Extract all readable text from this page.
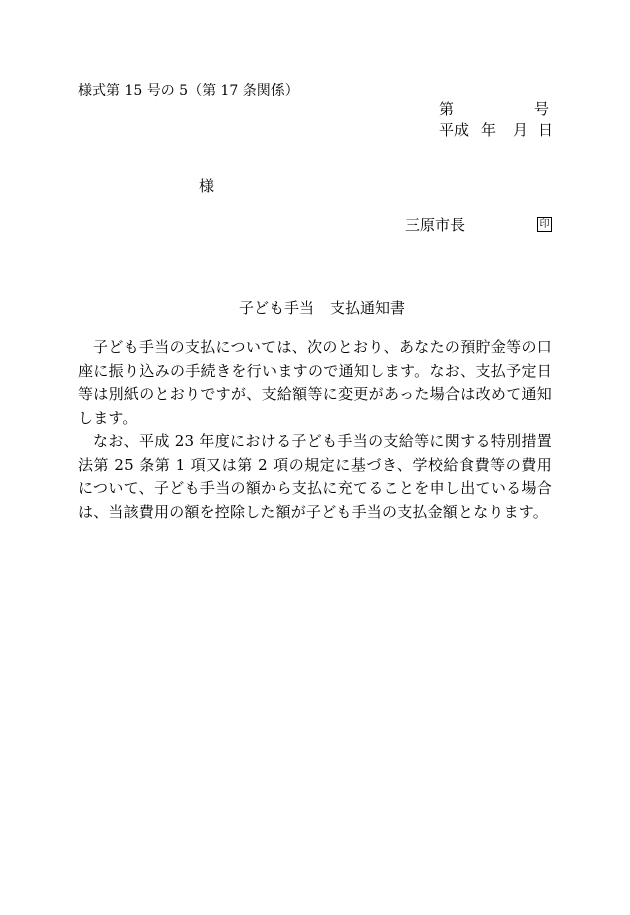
様式第 15 号の 5（第 17 条関係）
第	号
平成 年 月 日
様
三原市長	印
子ども手当 支払通知書

子ども手当の支払については、次のとおり、あなたの預貯金等の口座に振り込みの手続きを行いますので通知します。なお、支払予定日等は別紙のとおりですが、支給額等に変更があった場合は改めて通知します。

なお、平成 23 年度における子ども手当の支給等に関する特別措置法第 25 条第 1 項又は第 2 項の規定に基づき、学校給食費等の費用について、子ども手当の額から支払に充てることを申し出ている場合は、当該費用の額を控除した額が子ども手当の支払金額となります。
